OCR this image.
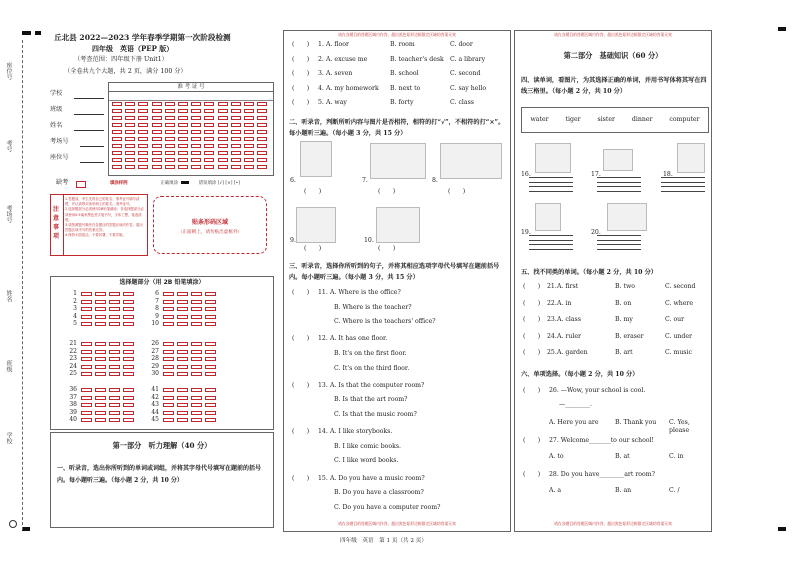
座位号
考号
考场号
姓名
班级
学校
丘北县 2022—2023 学年春季学期第一次阶段检测
四年级　英语（PEP 版）
（考查范围：四年级下册 Unit1）
（全卷共九个大题，共 2 页，满分 100 分）
学校
班级
姓名
考场号
座位号
准 考 证 号
缺考	填涂样例	正确填涂	错误填涂 [√] [×] [•]
注意事项
1.答题前，考生先将自己的姓名、准考证号填写清楚，并认真核对条形码上的姓名、准考证号。
2.选择题部分必须使用2B铅笔填涂；非选择题部分必须使用0.5毫米黑色签字笔书写，字体工整、笔迹清楚。
3.请按照题号顺序在各题目的答题区域内作答，超出答题区域书写的答案无效。
4.保持卡面清洁，不要折叠、不要弄破。
贴条形码区域
（正面朝上，请勿贴出虚框外）
选择题部分（用 2B 铅笔填涂）
1
2
3
4
5
6
7
8
9
10
21
22
23
24
25
26
27
28
29
30
36
37
38
39
40
41
42
43
44
45
第一部分　听力理解（40 分）
一、听录音，选出你所听到的单词或词组，并将其字母代号填写在题前的括号内。每小题听三遍。（每小题 2 分，共 10 分）
请在各题目的答题区域内作答，超出黑色矩形边框限定区域的答案无效
(　　) 1. A. floor	B. room	C. door
(　　) 2. A. excuse me	B. teacher's desk C. a library
(　　) 3. A. seven	B. school	C. second
(　　) 4. A. my homework B. next to	C. say hello
(　　) 5. A. way	B. forty	C. class
二、听录音，判断所听内容与图片是否相符，相符的打“√”，不相符的打“×”。每小题听三遍。（每小题 3 分，共 15 分）
6.
(　　)
7.
(　　)
8.
(　　)
9.
(　　)
10.
(　　)
三、听录音，选择你所听到的句子，并将其相应选项字母代号填写在题前括号内。每小题听三遍。（每小题 3 分，共 15 分）
(　　) 11. A. Where is the office?
B. Where is the teacher?
C. Where is the teachers' office?
(　　) 12. A. It has one floor.
B. It's on the first floor.
C. It's on the third floor.
(　　) 13. A. Is that the computer room?
B. Is that the art room?
C. Is that the music room?
(　　) 14. A. I like storybooks.
B. I like comic books.
C. I like word books.
(　　) 15. A. Do you have a music room?
B. Do you have a classroom?
C. Do you have a computer room?
请在各题目的答题区域内作答，超出黑色矩形边框限定区域的答案无效
请在各题目的答题区域内作答，超出黑色矩形边框限定区域的答案无效
第二部分　基础知识（60 分）
四、读单词，看图片，为其选择正确的单词，并用书写体将其写在四线三格里。（每小题 2 分，共 10 分）
water	tiger	sister	dinner	computer
16.	17.	18.
19.	20.
五、找不同类的单词。（每小题 2 分，共 10 分）
(　　) 21. A. first	B. two	C. second
(　　) 22. A. in	B. on	C. where
(　　) 23. A. class	B. my	C. our
(　　) 24. A. ruler	B. eraser	C. under
(　　) 25. A. garden	B. art	C. music
六、单项选择。（每小题 2 分，共 10 分）
(　　) 26. —Wow, your school is cool.
—________.
A. Here you are	B. Thank you C. Yes, please
(　　) 27. Welcome_______to our school!
A. to	B. at	C. in
(　　) 28. Do you have________art room?
A. a	B. an	C. /
请在各题目的答题区域内作答，超出黑色矩形边框限定区域的答案无效
四年级　英语　第 1 页（共 2 页）
